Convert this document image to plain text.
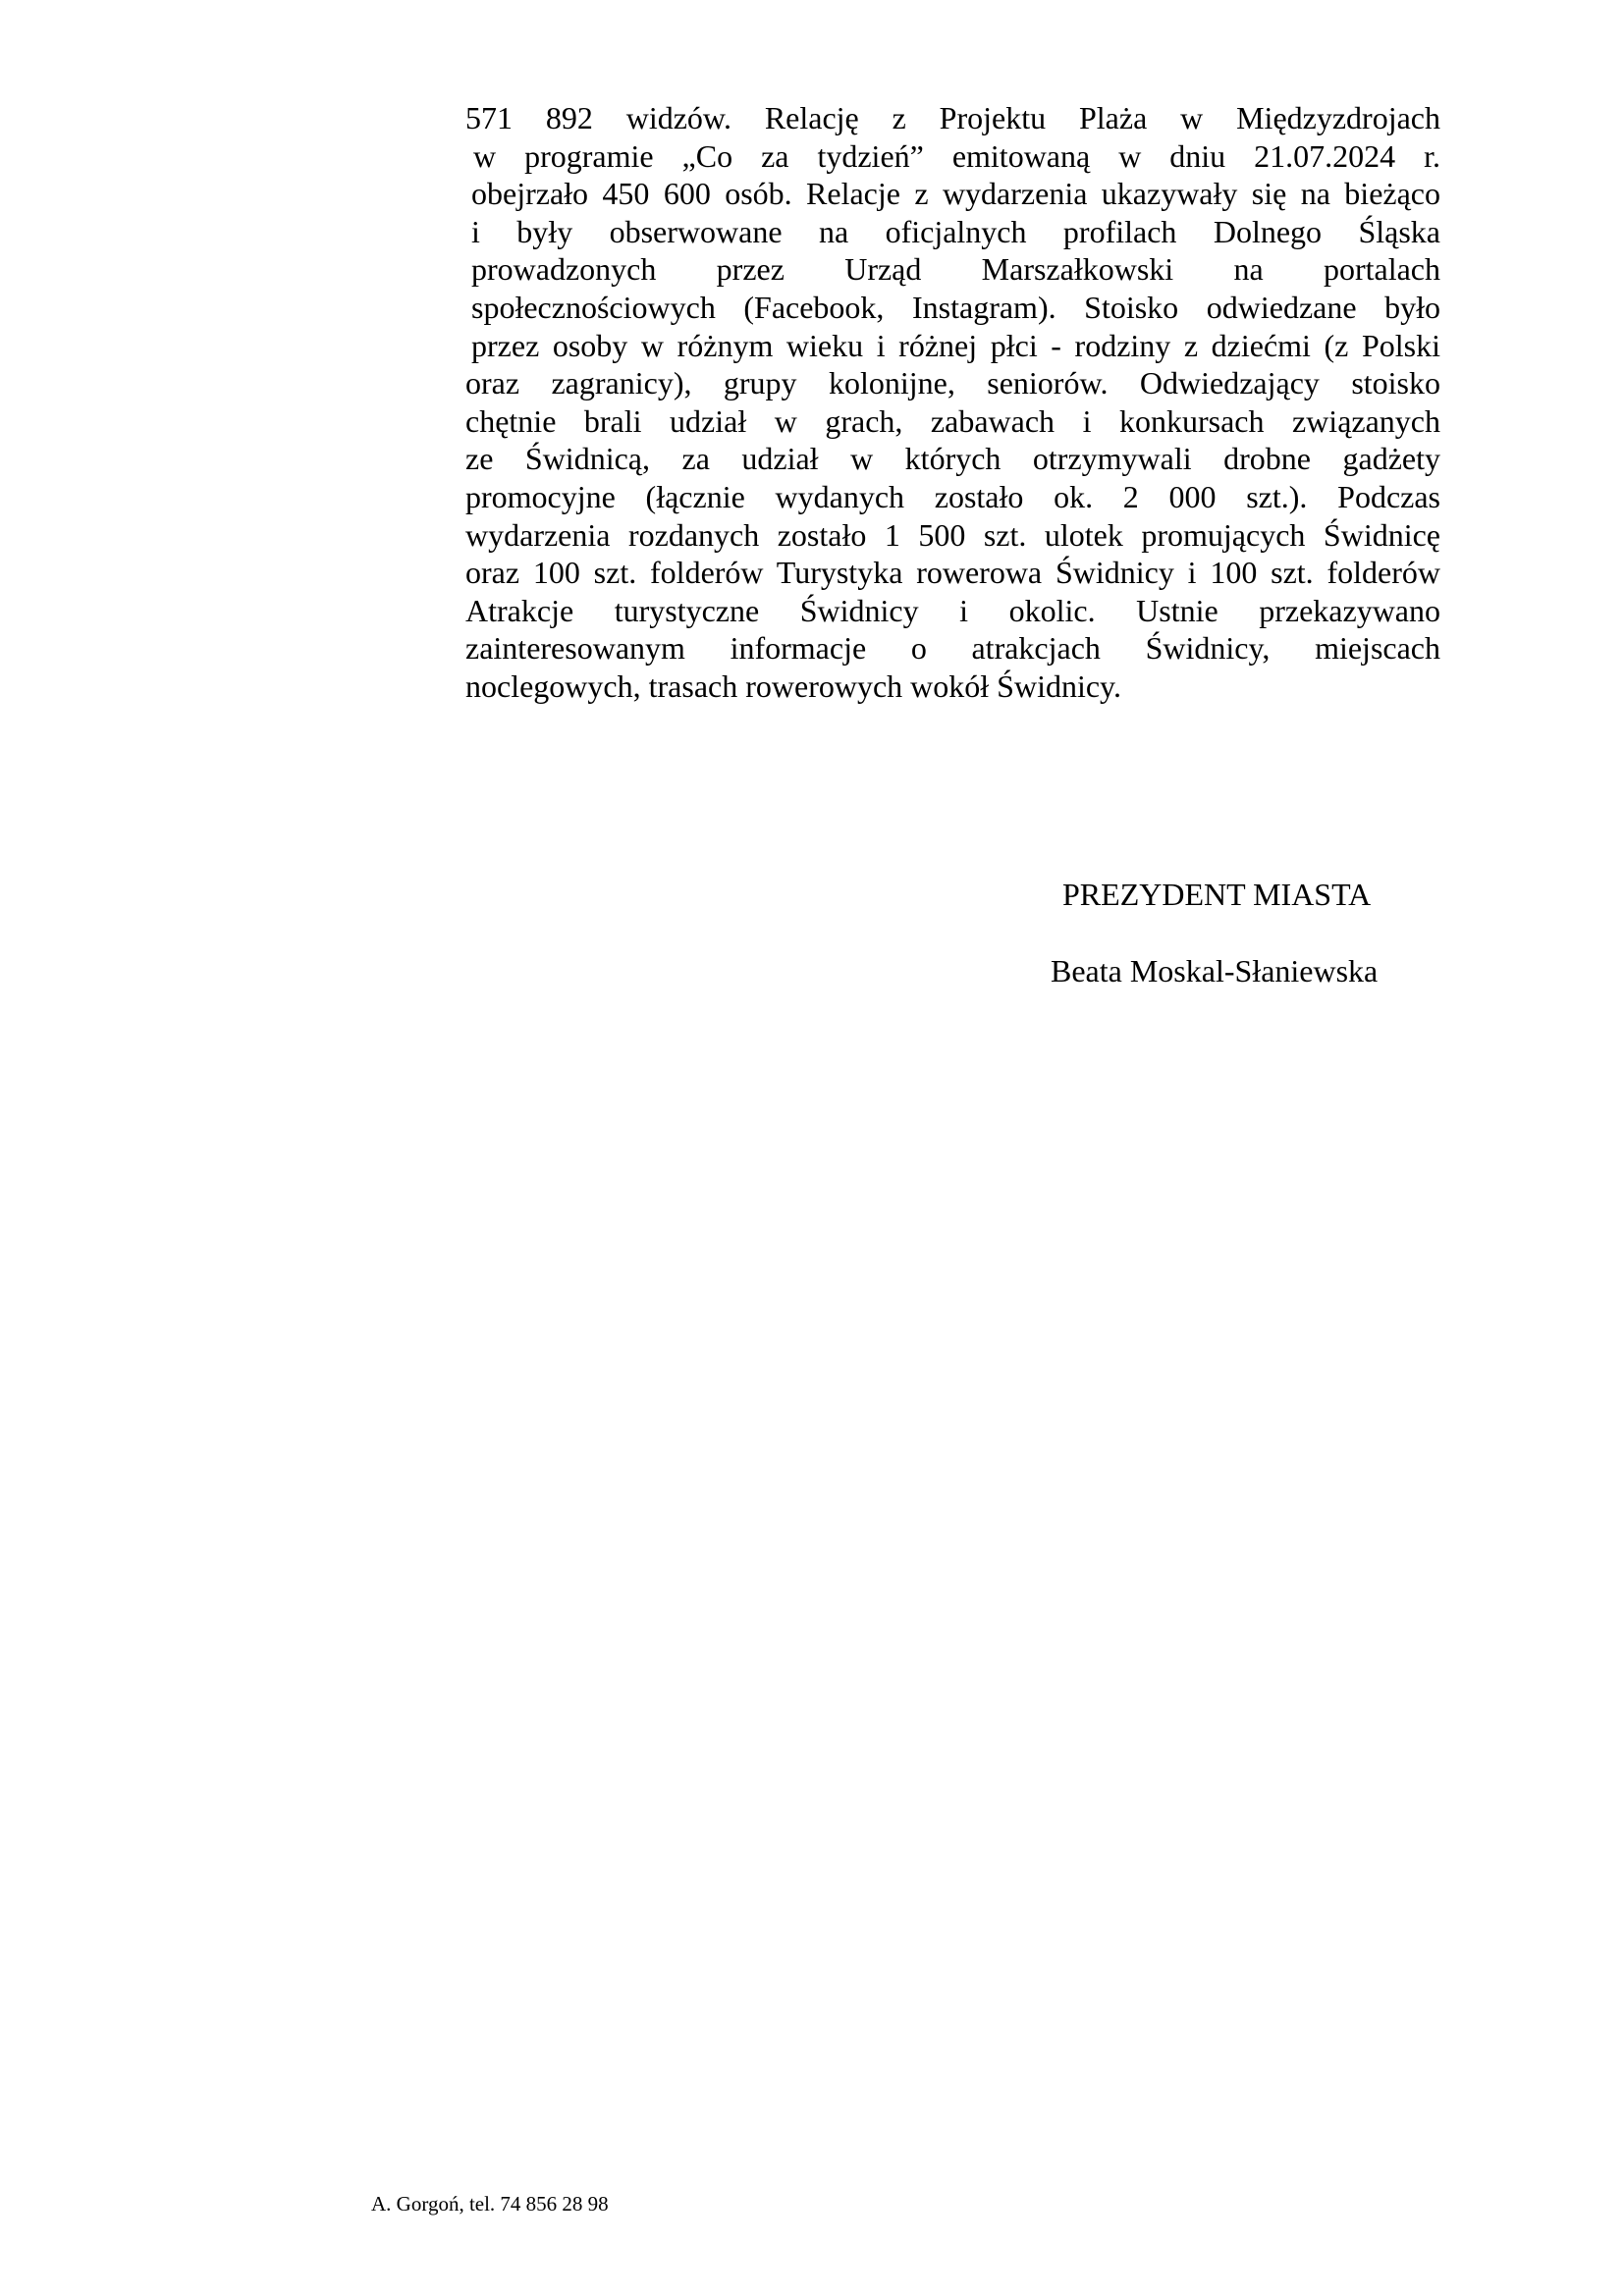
571 892 widzów. Relację z Projektu Plaża w Międzyzdrojach
w programie „Co za tydzień” emitowaną w dniu 21.07.2024 r.
obejrzało 450 600 osób. Relacje z wydarzenia ukazywały się na bieżąco
i były obserwowane na oficjalnych profilach Dolnego Śląska
prowadzonych przez Urząd Marszałkowski na portalach
społecznościowych (Facebook, Instagram). Stoisko odwiedzane było
przez osoby w różnym wieku i różnej płci - rodziny z dziećmi (z Polski
oraz zagranicy), grupy kolonijne, seniorów. Odwiedzający stoisko
chętnie brali udział w grach, zabawach i konkursach związanych
ze Świdnicą, za udział w których otrzymywali drobne gadżety
promocyjne (łącznie wydanych zostało ok. 2 000 szt.). Podczas
wydarzenia rozdanych zostało 1 500 szt. ulotek promujących Świdnicę
oraz 100 szt. folderów Turystyka rowerowa Świdnicy i 100 szt. folderów
Atrakcje turystyczne Świdnicy i okolic. Ustnie przekazywano
zainteresowanym informacje o atrakcjach Świdnicy, miejscach
noclegowych, trasach rowerowych wokół Świdnicy.
PREZYDENT MIASTA
Beata Moskal-Słaniewska
A. Gorgoń, tel. 74 856 28 98
